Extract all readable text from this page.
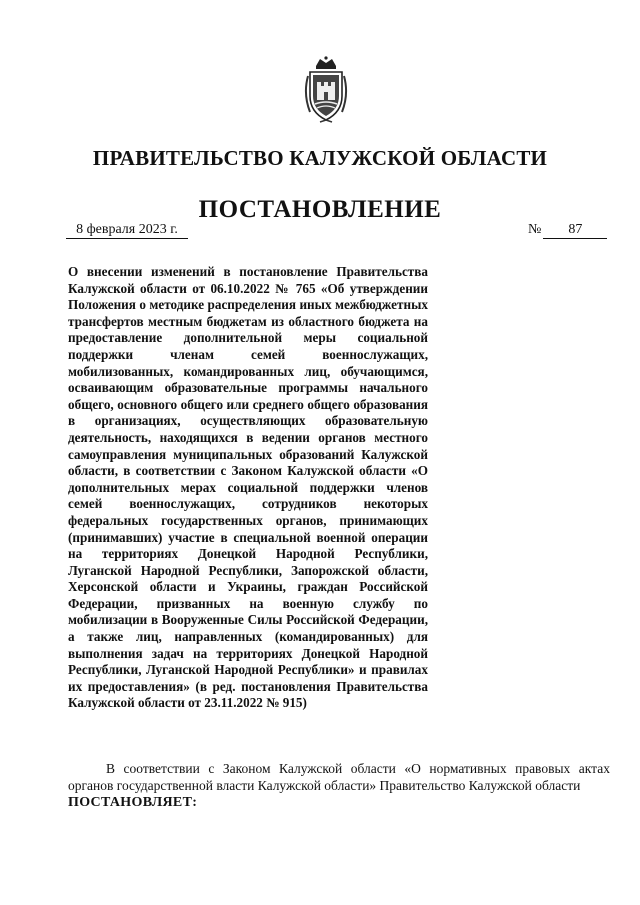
ПРАВИТЕЛЬСТВО КАЛУЖСКОЙ ОБЛАСТИ
ПОСТАНОВЛЕНИЕ
8 февраля 2023 г.	№ 87
О внесении изменений в постановление Правительства Калужской области от 06.10.2022 № 765 «Об утверждении Положения о методике распределения иных межбюджетных трансфертов местным бюджетам из областного бюджета на предоставление дополнительной меры социальной поддержки членам семей военнослужащих, мобилизованных, командированных лиц, обучающимся, осваивающим образовательные программы начального общего, основного общего или среднего общего образования в организациях, осуществляющих образовательную деятельность, находящихся в ведении органов местного самоуправления муниципальных образований Калужской области, в соответствии с Законом Калужской области «О дополнительных мерах социальной поддержки членов семей военнослужащих, сотрудников некоторых федеральных государственных органов, принимающих (принимавших) участие в специальной военной операции на территориях Донецкой Народной Республики, Луганской Народной Республики, Запорожской области, Херсонской области и Украины, граждан Российской Федерации, призванных на военную службу по мобилизации в Вооруженные Силы Российской Федерации, а также лиц, направленных (командированных) для выполнения задач на территориях Донецкой Народной Республики, Луганской Народной Республики» и правилах их предоставления» (в ред. постановления Правительства Калужской области от 23.11.2022 № 915)
В соответствии с Законом Калужской области «О нормативных правовых актах органов государственной власти Калужской области» Правительство Калужской области
ПОСТАНОВЛЯЕТ:
